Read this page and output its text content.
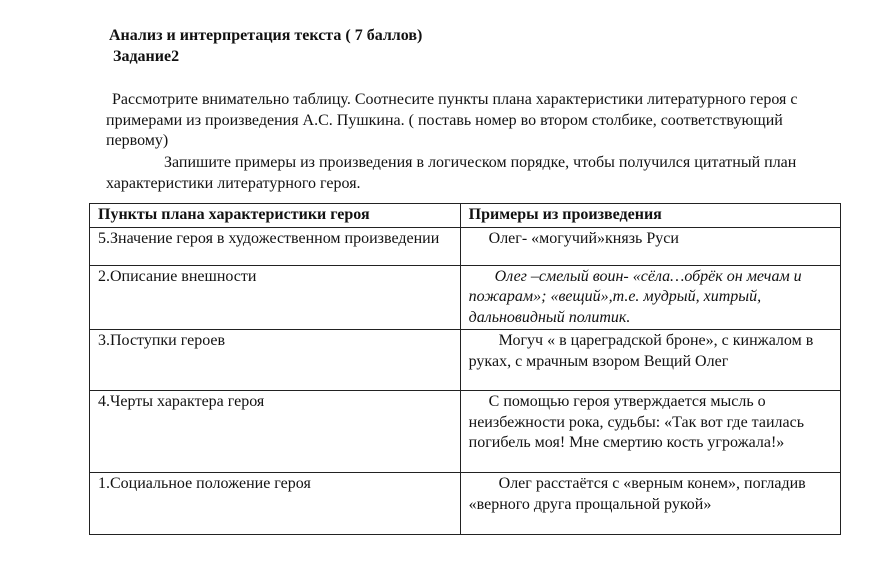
Анализ и интерпретация текста ( 7 баллов)
Задание2

Рассмотрите внимательно таблицу. Соотнесите пункты плана характеристики литературного героя с примерами из произведения А.С. Пушкина. ( поставь номер во втором столбике, соответствующий первому)

Запишите примеры из произведения в логическом порядке, чтобы получился цитатный план характеристики литературного героя.

Пункты плана характеристики героя	Примеры из произведения
5.Значение героя в художественном произведении	Олег- «могучий»князь Руси
2.Описание внешности	Олег –смелый воин- «сёла…обрёк он мечам и пожарам»; «вещий»,т.е. мудрый, хитрый, дальновидный политик.
3.Поступки героев	Могуч « в цареградской броне», с кинжалом в руках, с мрачным взором Вещий Олег
4.Черты характера героя	С помощью героя утверждается мысль о неизбежности рока, судьбы: «Так вот где таилась погибель моя! Мне смертию кость угрожала!»
1.Социальное положение героя	Олег расстаётся с «верным конем», погладив «верного друга прощальной рукой»
